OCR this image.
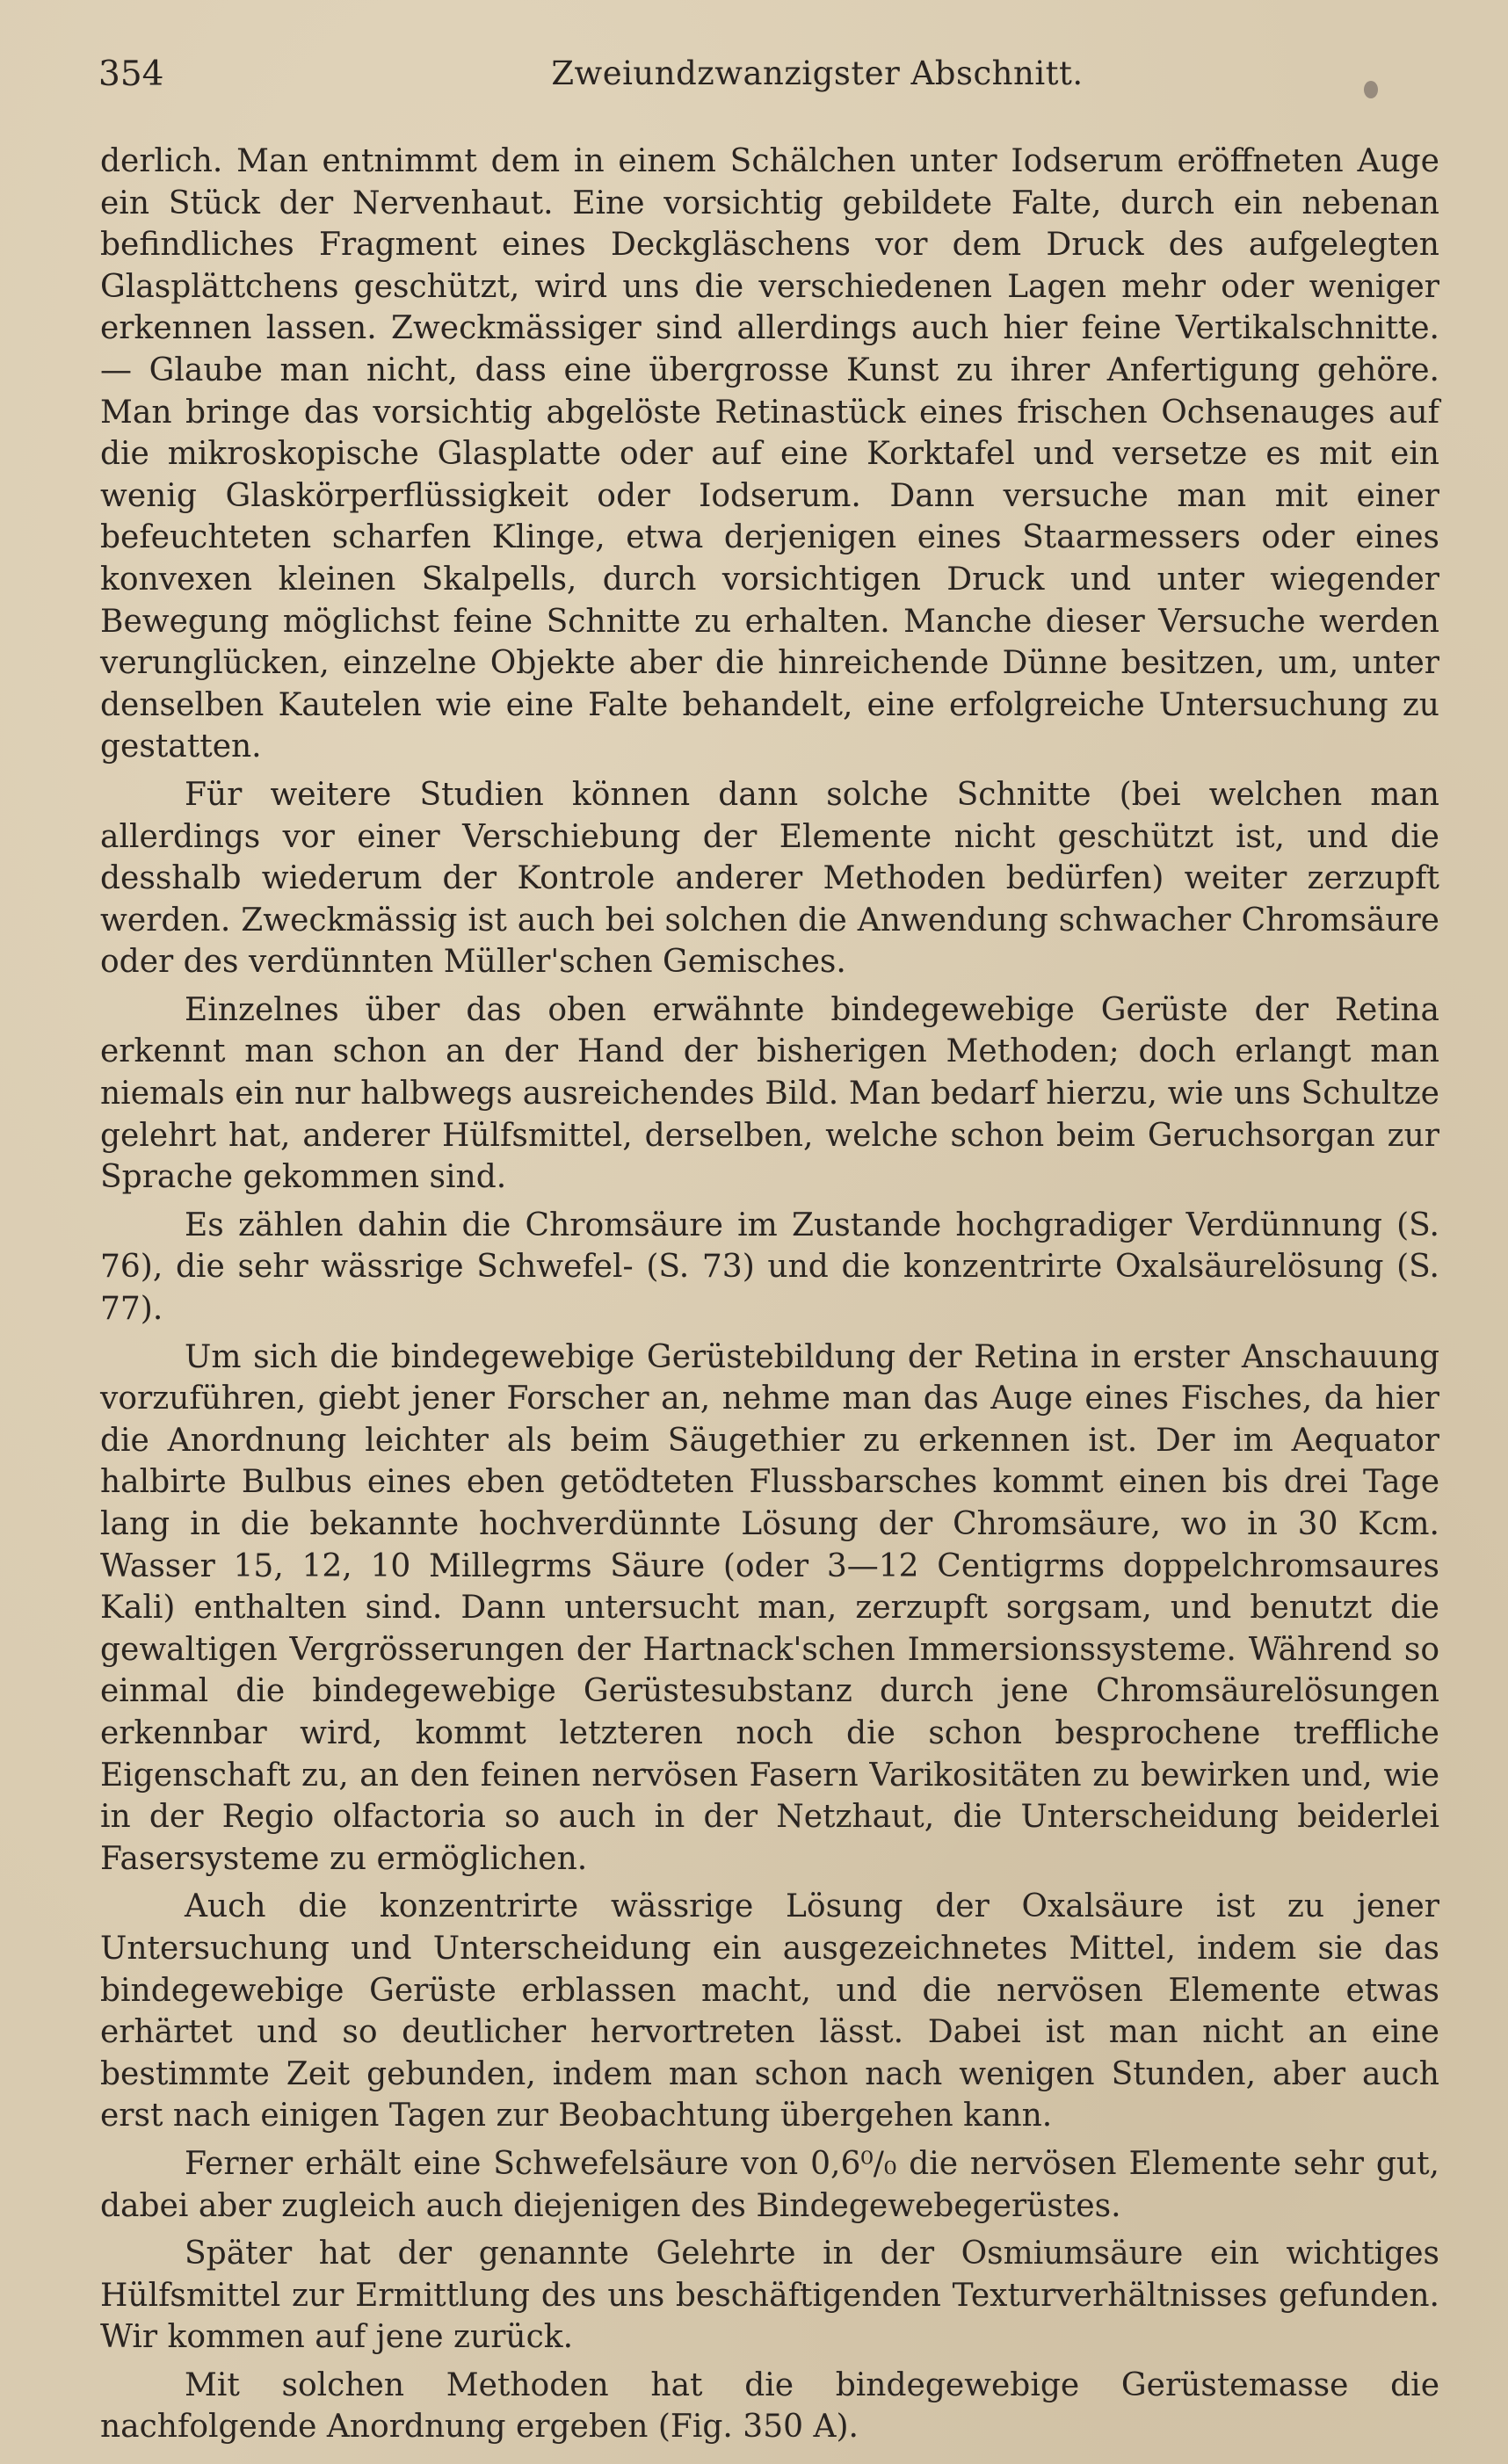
354	Zweiundzwanzigster Abschnitt.

derlich. Man entnimmt dem in einem Schälchen unter Iodserum eröffneten Auge ein Stück der Nervenhaut. Eine vorsichtig gebildete Falte, durch ein nebenan befindliches Fragment eines Deckgläschens vor dem Druck des aufgelegten Glasplättchens geschützt, wird uns die verschiedenen Lagen mehr oder weniger erkennen lassen. Zweckmässiger sind allerdings auch hier feine Vertikalschnitte. — Glaube man nicht, dass eine übergrosse Kunst zu ihrer Anfertigung gehöre. Man bringe das vorsichtig abgelöste Retinastück eines frischen Ochsenauges auf die mikroskopische Glasplatte oder auf eine Korktafel und versetze es mit ein wenig Glaskörperflüssigkeit oder Iodserum. Dann versuche man mit einer befeuchteten scharfen Klinge, etwa derjenigen eines Staarmessers oder eines konvexen kleinen Skalpells, durch vorsichtigen Druck und unter wiegender Bewegung möglichst feine Schnitte zu erhalten. Manche dieser Versuche werden verunglücken, einzelne Objekte aber die hinreichende Dünne besitzen, um, unter denselben Kautelen wie eine Falte behandelt, eine erfolgreiche Untersuchung zu gestatten.

Für weitere Studien können dann solche Schnitte (bei welchen man allerdings vor einer Verschiebung der Elemente nicht geschützt ist, und die desshalb wiederum der Kontrole anderer Methoden bedürfen) weiter zerzupft werden. Zweckmässig ist auch bei solchen die Anwendung schwacher Chromsäure oder des verdünnten Müller'schen Gemisches.

Einzelnes über das oben erwähnte bindegewebige Gerüste der Retina erkennt man schon an der Hand der bisherigen Methoden; doch erlangt man niemals ein nur halbwegs ausreichendes Bild. Man bedarf hierzu, wie uns Schultze gelehrt hat, anderer Hülfsmittel, derselben, welche schon beim Geruchsorgan zur Sprache gekommen sind.

Es zählen dahin die Chromsäure im Zustande hochgradiger Verdünnung (S. 76), die sehr wässrige Schwefel- (S. 73) und die konzentrirte Oxalsäurelösung (S. 77).

Um sich die bindegewebige Gerüstebildung der Retina in erster Anschauung vorzuführen, giebt jener Forscher an, nehme man das Auge eines Fisches, da hier die Anordnung leichter als beim Säugethier zu erkennen ist. Der im Aequator halbirte Bulbus eines eben getödteten Flussbarsches kommt einen bis drei Tage lang in die bekannte hochverdünnte Lösung der Chromsäure, wo in 30 Kcm. Wasser 15, 12, 10 Millegrms Säure (oder 3—12 Centigrms doppelchromsaures Kali) enthalten sind. Dann untersucht man, zerzupft sorgsam, und benutzt die gewaltigen Vergrösserungen der Hartnack'schen Immersionssysteme. Während so einmal die bindegewebige Gerüstesubstanz durch jene Chromsäurelösungen erkennbar wird, kommt letzteren noch die schon besprochene treffliche Eigenschaft zu, an den feinen nervösen Fasern Varikositäten zu bewirken und, wie in der Regio olfactoria so auch in der Netzhaut, die Unterscheidung beiderlei Fasersysteme zu ermöglichen.

Auch die konzentrirte wässrige Lösung der Oxalsäure ist zu jener Untersuchung und Unterscheidung ein ausgezeichnetes Mittel, indem sie das bindegewebige Gerüste erblassen macht, und die nervösen Elemente etwas erhärtet und so deutlicher hervortreten lässt. Dabei ist man nicht an eine bestimmte Zeit gebunden, indem man schon nach wenigen Stunden, aber auch erst nach einigen Tagen zur Beobachtung übergehen kann.

Ferner erhält eine Schwefelsäure von 0,6⁰/₀ die nervösen Elemente sehr gut, dabei aber zugleich auch diejenigen des Bindegewebegerüstes.

Später hat der genannte Gelehrte in der Osmiumsäure ein wichtiges Hülfsmittel zur Ermittlung des uns beschäftigenden Texturverhältnisses gefunden. Wir kommen auf jene zurück.

Mit solchen Methoden hat die bindegewebige Gerüstemasse die nachfolgende Anordnung ergeben (Fig. 350 A).
